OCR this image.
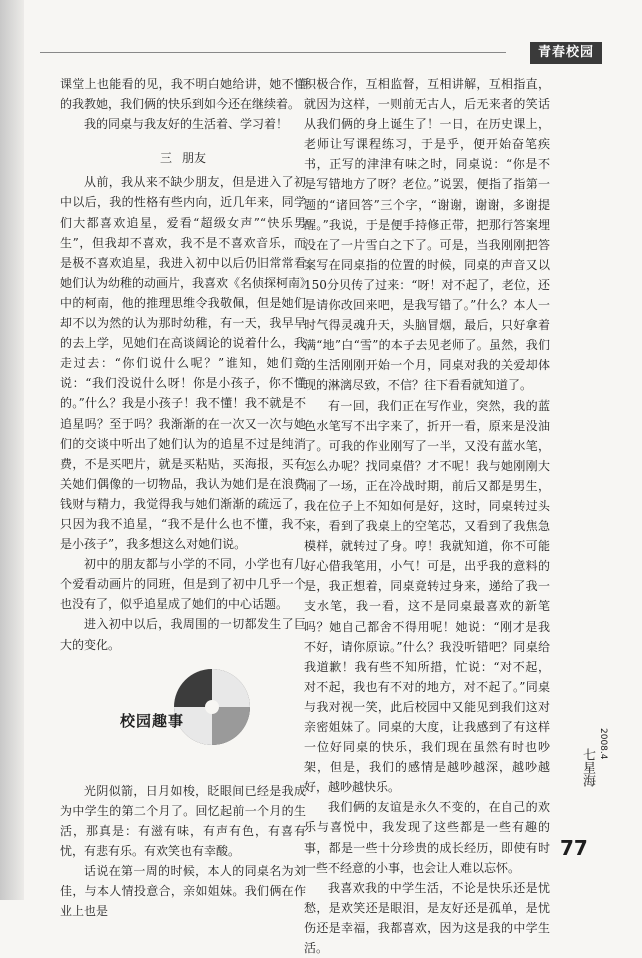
青春校园

课堂上也能看的见，我不明白她给讲，她不懂的我教她，我们俩的快乐到如今还在继续着。

我的同桌与我友好的生活着、学习着！

三 朋友

从前，我从来不缺少朋友，但是进入了初中以后，我的性格有些内向，近几年来，同学们大都喜欢追星，爱看“超级女声”“快乐男生”，但我却不喜欢，我不是不喜欢音乐，而是极不喜欢追星，我进入初中以后仍旧常常看她们认为幼稚的动画片，我喜欢《名侦探柯南》中的柯南，他的推理思维令我敬佩，但是她们却不以为然的认为那时幼稚，有一天，我早早的去上学，见她们在高谈阔论的说着什么，我走过去：“你们说什么呢？”谁知，她们竟说：“我们没说什么呀！你是小孩子，你不懂的。”什么？我是小孩子！我不懂！我不就是不追星吗？至于吗？我渐渐的在一次又一次与她们的交谈中听出了她们认为的追星不过是纯消费，不是买吧片，就是买粘贴，买海报，买有关她们偶像的一切物品，我认为她们是在浪费钱财与精力，我觉得我与她们渐渐的疏远了，只因为我不追星，“我不是什么也不懂，我不是小孩子”，我多想这么对她们说。

初中的朋友都与小学的不同，小学也有几个爱看动画片的同班，但是到了初中几乎一个也没有了，似乎追星成了她们的中心话题。

进入初中以后，我周围的一切都发生了巨大的变化。

校园趣事

光阴似箭，日月如梭，眨眼间已经是我成为中学生的第二个月了。回忆起前一个月的生活，那真是：有滋有味，有声有色，有喜有忧，有悲有乐。有欢笑也有幸酸。

话说在第一周的时候，本人的同桌名为刘佳，与本人情投意合，亲如姐妹。我们俩在作业上也是

积极合作，互相监督，互相讲解，互相指直，就因为这样，一则前无古人，后无来者的笑话从我们俩的身上诞生了！一日，在历史课上，老师让写课程练习，于是乎，便开始奋笔疾书，正写的津津有味之时，同桌说：“你是不是写错地方了呀？老位。”说罢，便指了指第一题的“诸回答”三个字，“谢谢，谢谢，多谢提醒。”我说，于是便手持修正带，把那行答案埋没在了一片雪白之下了。可是，当我刚刚把答案写在同桌指的位置的时候，同桌的声音又以150分贝传了过来：“呀！对不起了，老位，还是请你改回来吧，是我写错了。”什么？本人一时气得灵魂升天，头脑冒烟，最后，只好拿着满“地”白“雪”的本子去见老师了。虽然，我们的生活刚刚开始一个月，同桌对我的关爱却体现的淋漓尽致，不信？往下看看就知道了。

有一回，我们正在写作业，突然，我的蓝色水笔写不出字来了，折开一看，原来是没油了。可我的作业刚写了一半，又没有蓝水笔，怎么办呢？找同桌借？才不呢！我与她刚刚大闹了一场，正在冷战时期，前后又都是男生，我在位子上不知如何是好，这时，同桌转过头来，看到了我桌上的空笔芯，又看到了我焦急模样，就转过了身。哼！我就知道，你不可能好心借我笔用，小气！可是，出乎我的意料的是，我正想着，同桌竟转过身来，递给了我一支水笔，我一看，这不是同桌最喜欢的新笔吗？她自己都舍不得用呢！她说：“刚才是我不好，请你原谅。”什么？我没听错吧？同桌给我道歉！我有些不知所措，忙说：“对不起，对不起，我也有不对的地方，对不起了。”同桌与我对视一笑，此后校园中又能见到我们这对亲密姐妹了。同桌的大度，让我感到了有这样一位好同桌的快乐，我们现在虽然有时也吵架，但是，我们的感情是越吵越深，越吵越好，越吵越快乐。

我们俩的友谊是永久不变的，在自己的欢乐与喜悦中，我发现了这些都是一些有趣的事，都是一些十分珍贵的成长经历，即使有时一些不经意的小事，也会让人难以忘怀。

我喜欢我的中学生活，不论是快乐还是忧愁，是欢笑还是眼泪，是友好还是孤单，是忧伤还是幸福，我都喜欢，因为这是我的中学生活。

七星海
2008.4
77
